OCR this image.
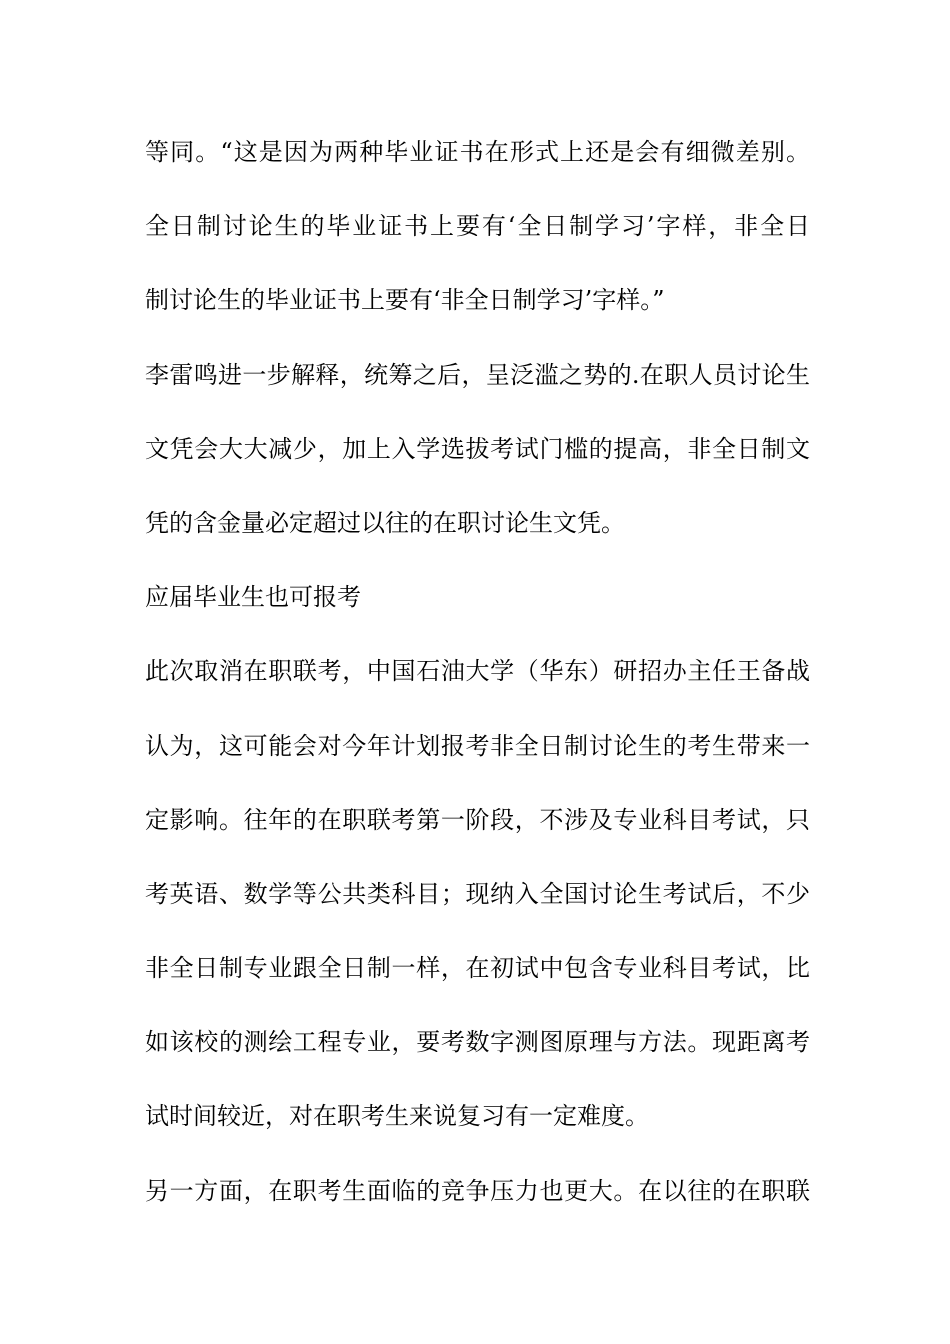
等同。“这是因为两种毕业证书在形式上还是会有细微差别。
全日制讨论生的毕业证书上要有‘全日制学习’字样，非全日
制讨论生的毕业证书上要有‘非全日制学习’字样。”
李雷鸣进一步解释，统筹之后，呈泛滥之势的.在职人员讨论生
文凭会大大减少，加上入学选拔考试门槛的提高，非全日制文
凭的含金量必定超过以往的在职讨论生文凭。
应届毕业生也可报考
此次取消在职联考，中国石油大学（华东）研招办主任王备战
认为，这可能会对今年计划报考非全日制讨论生的考生带来一
定影响。往年的在职联考第一阶段，不涉及专业科目考试，只
考英语、数学等公共类科目；现纳入全国讨论生考试后，不少
非全日制专业跟全日制一样，在初试中包含专业科目考试，比
如该校的测绘工程专业，要考数字测图原理与方法。现距离考
试时间较近，对在职考生来说复习有一定难度。
另一方面，在职考生面临的竞争压力也更大。在以往的在职联
